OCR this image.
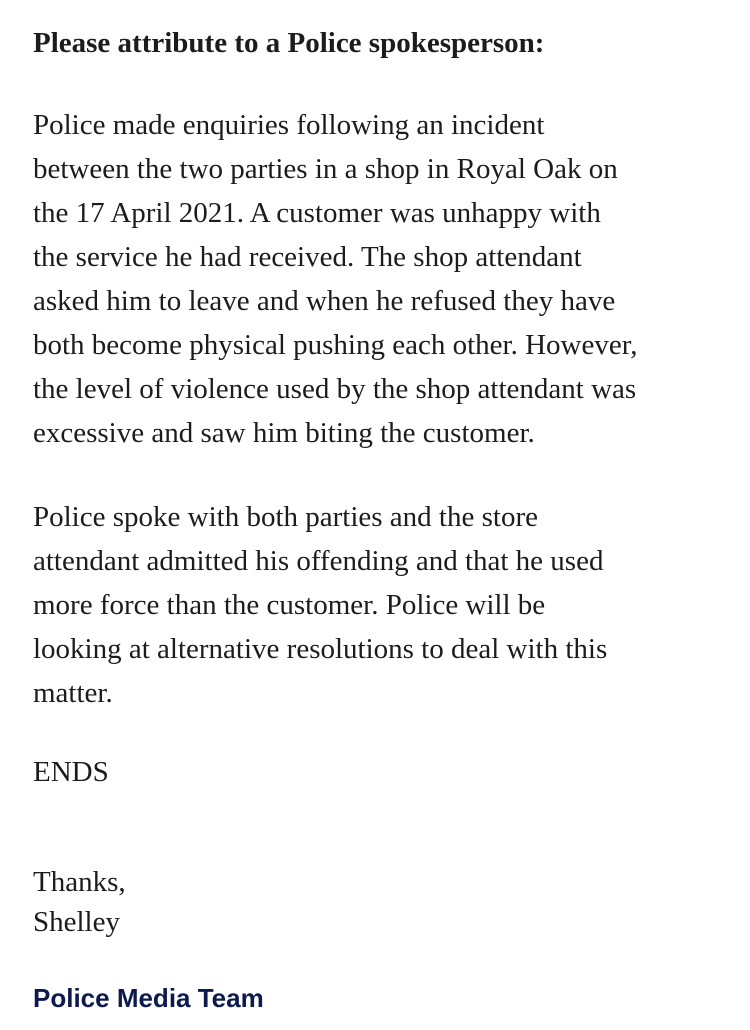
Please attribute to a Police spokesperson:

Police made enquiries following an incident
between the two parties in a shop in Royal Oak on
the 17 April 2021. A customer was unhappy with
the service he had received. The shop attendant
asked him to leave and when he refused they have
both become physical pushing each other. However,
the level of violence used by the shop attendant was
excessive and saw him biting the customer.

Police spoke with both parties and the store
attendant admitted his offending and that he used
more force than the customer. Police will be
looking at alternative resolutions to deal with this
matter.

ENDS

Thanks,
Shelley

Police Media Team
